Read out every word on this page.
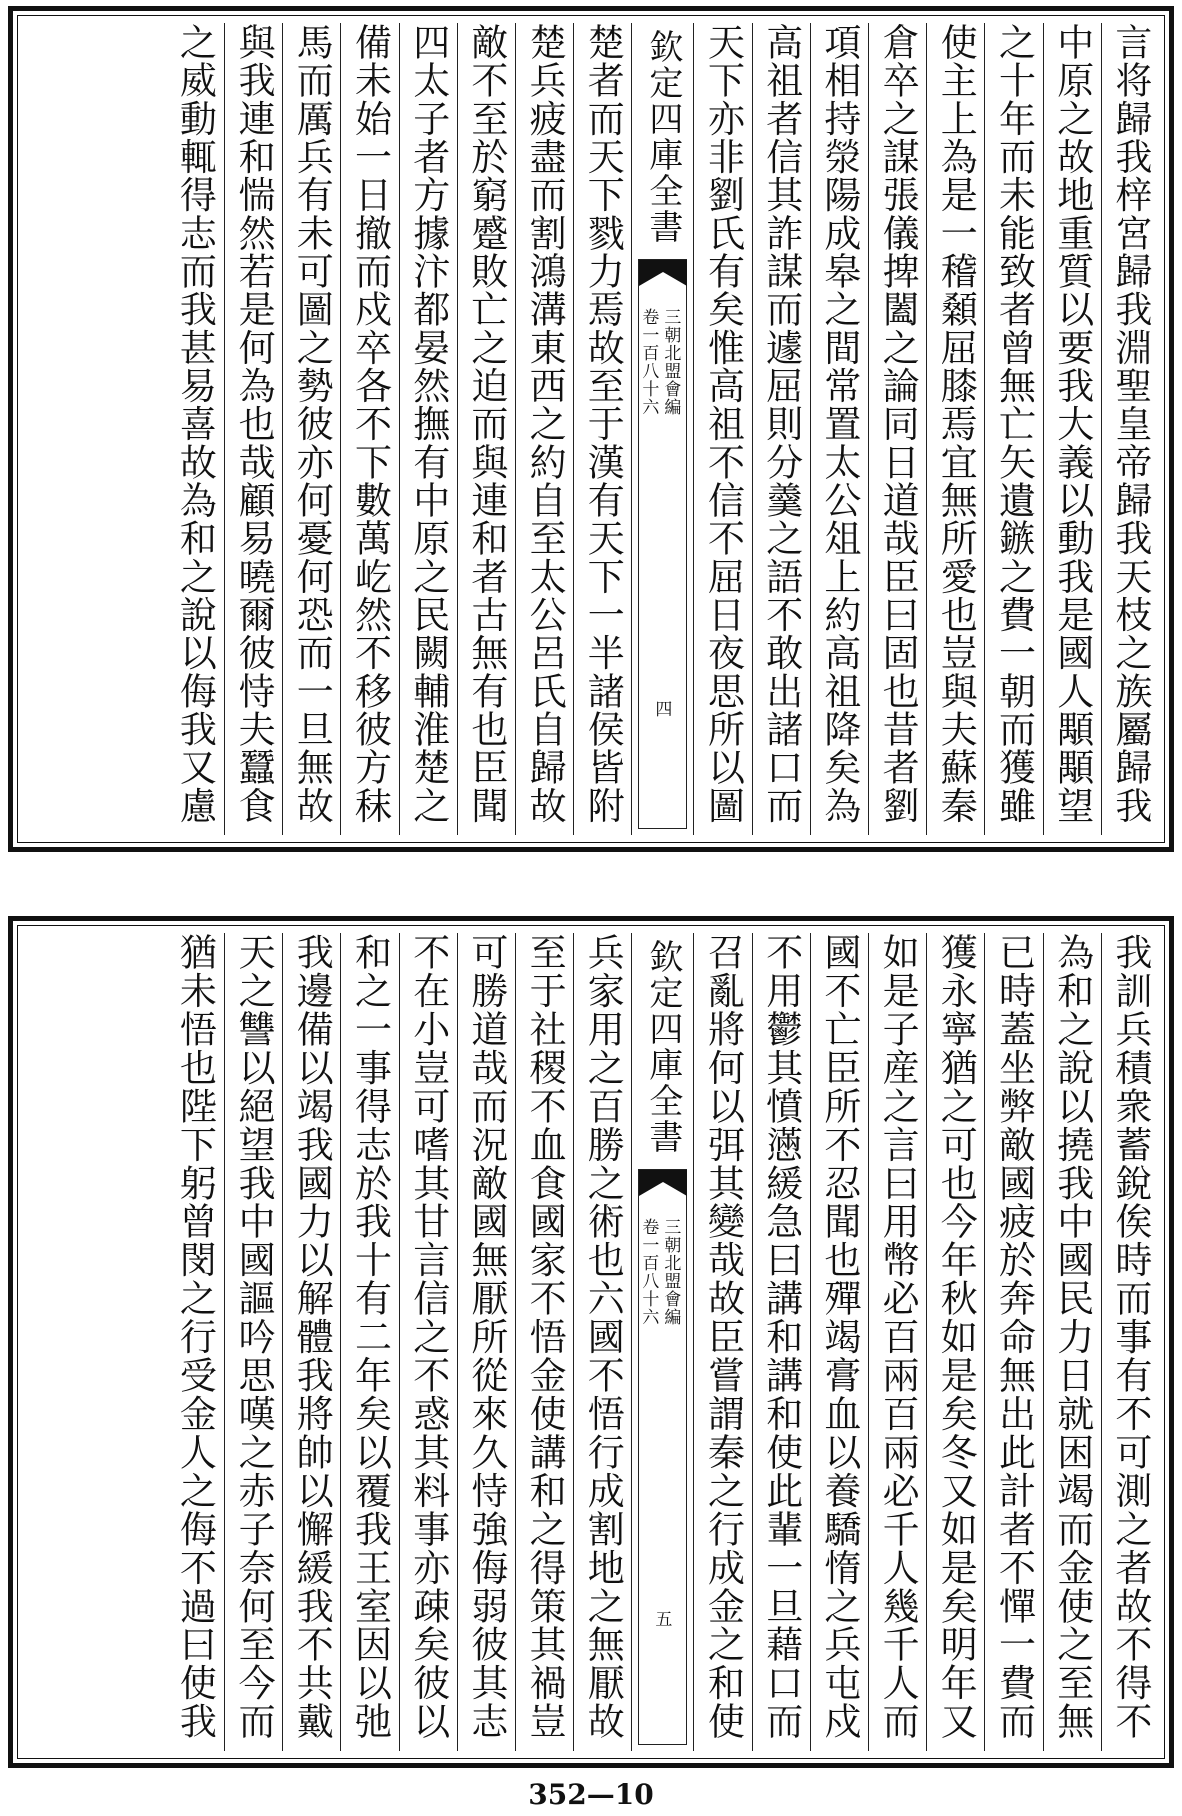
楚者而天下戮力焉故至于漢有天下一半諸侯皆附
楚兵疲盡而割鴻溝東西之約自至太公呂氏自歸故
敵不至於窮蹙敗亡之迫而與連和者古無有也臣聞
四太子者方據汴都晏然撫有中原之民闕輔淮楚之
備未始一日撤而戍卒各不下數萬屹然不移彼方秣
馬而厲兵有未可圖之勢彼亦何憂何恐而一旦無故
與我連和惴然若是何為也哉顧易曉爾彼恃夫蠶食
之威動輒得志而我甚易喜故為和之說以侮我又慮	欽定四庫全書
三朝北盟會編
卷一百八十六
四	言将歸我梓宮歸我淵聖皇帝歸我天枝之族屬歸我
中原之故地重質以要我大義以動我是國人顒顒望
之十年而未能致者曾無亡矢遺鏃之費一朝而獲雖
使主上為是一稽顙屈膝焉宜無所愛也豈與夫蘇秦
倉卒之謀張儀捭闔之論同日道哉臣曰固也昔者劉
項相持滎陽成皋之間常置太公俎上約高祖降矣為
高祖者信其詐謀而遽屈則分羹之語不敢出諸口而
天下亦非劉氏有矣惟高祖不信不屈日夜思所以圖
兵家用之百勝之術也六國不悟行成割地之無厭故
至于社稷不血食國家不悟金使講和之得策其禍豈
可勝道哉而況敵國無厭所從來久恃強侮弱彼其志
不在小豈可嗜其甘言信之不惑其料事亦疎矣彼以
和之一事得志於我十有二年矣以覆我王室因以弛
我邊備以竭我國力以解體我將帥以懈緩我不共戴
天之讐以絕望我中國謳吟思嘆之赤子奈何至今而
猶未悟也陛下躬曾閔之行受金人之侮不過曰使我	欽定四庫全書
三朝北盟會編
卷一百八十六
五	我訓兵積衆蓄銳俟時而事有不可測之者故不得不
為和之說以撓我中國民力日就困竭而金使之至無
已時蓋坐弊敵國疲於奔命無出此計者不憚一費而
獲永寧猶之可也今年秋如是矣冬又如是矣明年又
如是子産之言曰用幣必百兩百兩必千人幾千人而
國不亡臣所不忍聞也殫竭膏血以養驕惰之兵屯戍
不用鬱其憤懣緩急曰講和講和使此輩一旦藉口而
召亂將何以弭其變哉故臣嘗謂秦之行成金之和使
352—10
